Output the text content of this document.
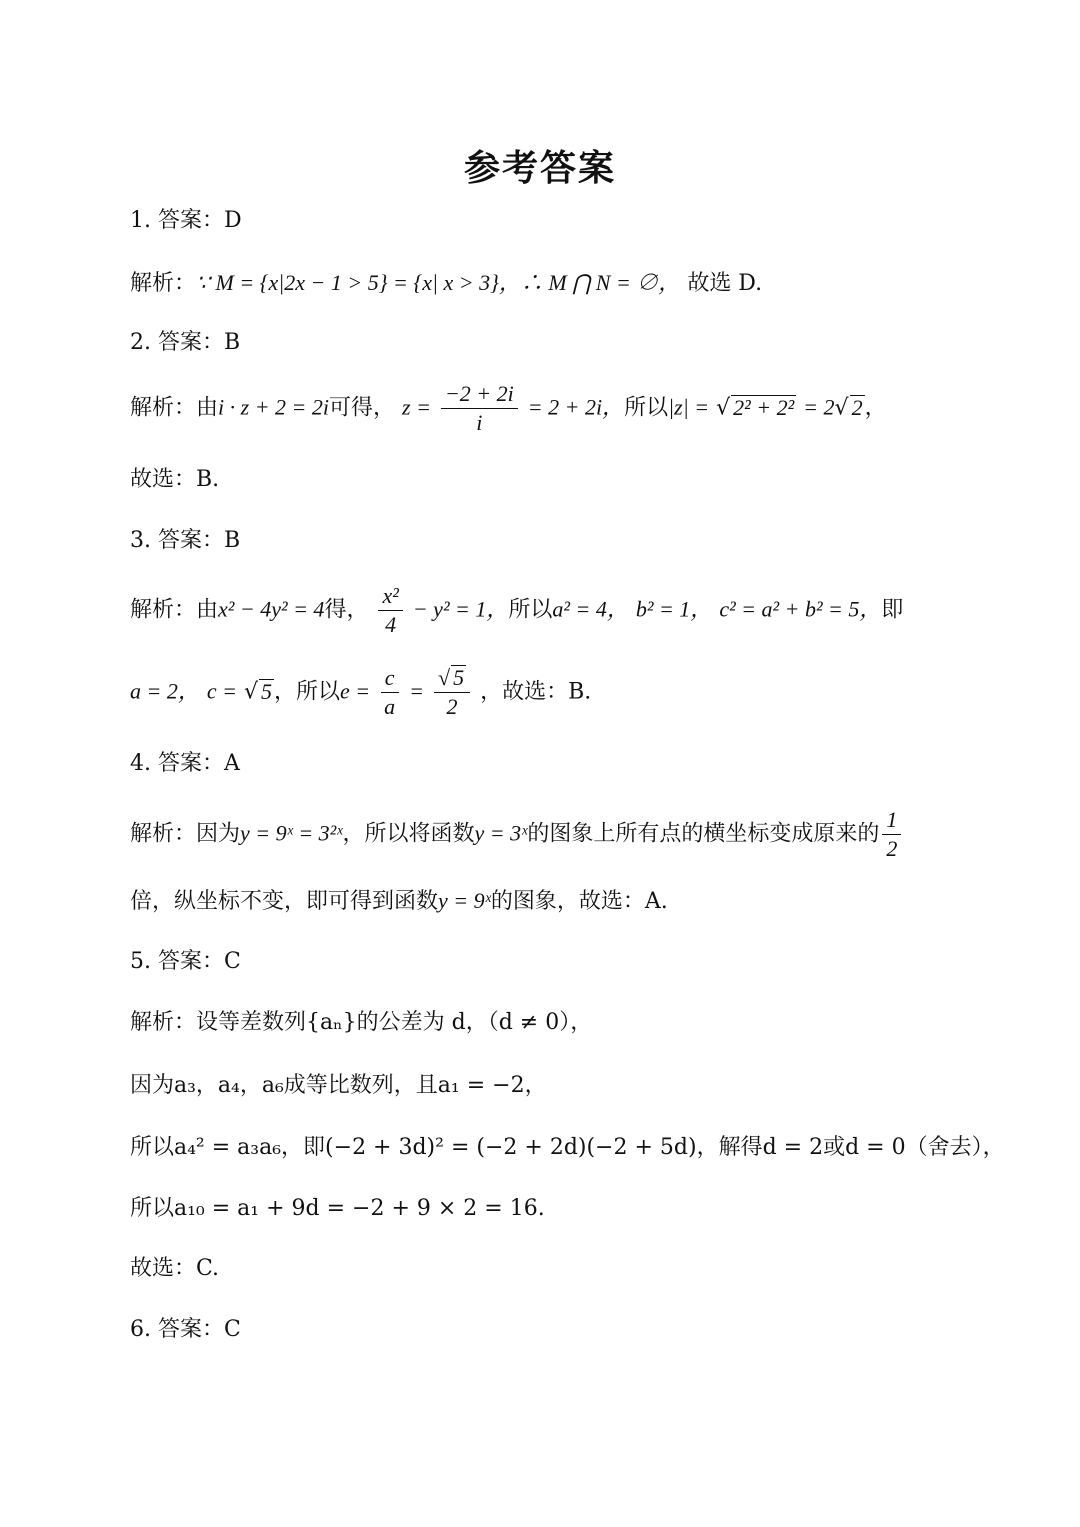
参考答案
1. 答案：D
解析：∵ M = {x|2x − 1 > 5} = {x| x > 3}，∴ M ⋂ N = ∅， 故选 D.
2. 答案：B
解析：由i · z + 2 = 2i可得， $z = \frac{-2 + 2i}{i} = 2 + 2i$，所以|z| = √ 2² + 2² = 2√ 2，
故选：B.
3. 答案：B
解析：由x² − 4y² = 4得， $\frac{\text{x²}}{4} - y^2 = 1$，所以a² = 4， b² = 1， c² = a² + b² = 5，即
a = 2， c = √ 5，所以$e = \frac{c}{a} = \frac{√ 5}{2}$ ，故选：B.
4. 答案：A
解析：因为y = 9ˣ = 3²ˣ，所以将函数y = 3ˣ的图象上所有点的横坐标变成原来的 $\frac{1}{2}$
倍，纵坐标不变，即可得到函数y = 9ˣ的图象，故选：A.
5. 答案：C
解析：设等差数列{aₙ}的公差为 d，（d ≠ 0），
因为a₃，a₄，a₆成等比数列，且a₁ = −2，
所以a₄² = a₃a₆，即(−2 + 3d)² = (−2 + 2d)(−2 + 5d)，解得d = 2或d = 0（舍去），
所以a₁₀ = a₁ + 9d = −2 + 9 × 2 = 16.
故选：C.
6. 答案：C
